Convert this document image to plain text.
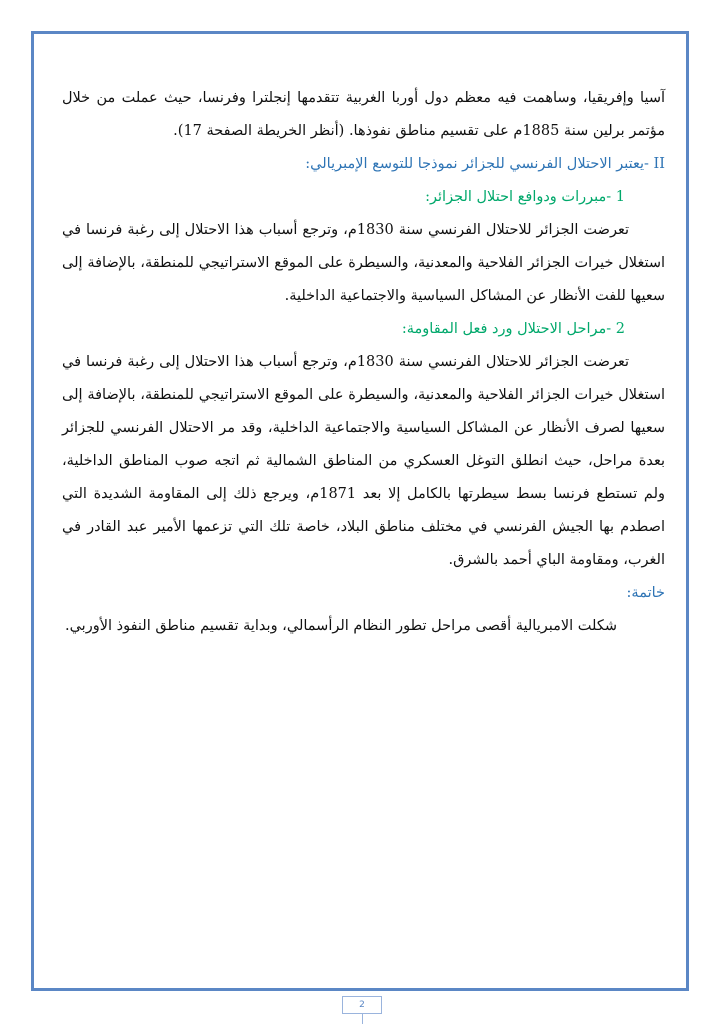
آسيا وإفريقيا، وساهمت فيه معظم دول أوربا الغربية تتقدمها إنجلترا وفرنسا، حيث عملت من خلال مؤتمر برلين سنة 1885م على تقسيم مناطق نفوذها. (أنظر الخريطة الصفحة 17).

II -يعتبر الاحتلال الفرنسي للجزائر نموذجا للتوسع الإمبريالي:

1 -مبررات ودوافع احتلال الجزائر:

تعرضت الجزائر للاحتلال الفرنسي سنة 1830م، وترجع أسباب هذا الاحتلال إلى رغبة فرنسا في استغلال خيرات الجزائر الفلاحية والمعدنية، والسيطرة على الموقع الاستراتيجي للمنطقة، بالإضافة إلى سعيها للفت الأنظار عن المشاكل السياسية والاجتماعية الداخلية.

2 -مراحل الاحتلال ورد فعل المقاومة:

تعرضت الجزائر للاحتلال الفرنسي سنة 1830م، وترجع أسباب هذا الاحتلال إلى رغبة فرنسا في استغلال خيرات الجزائر الفلاحية والمعدنية، والسيطرة على الموقع الاستراتيجي للمنطقة، بالإضافة إلى سعيها لصرف الأنظار عن المشاكل السياسية والاجتماعية الداخلية، وقد مر الاحتلال الفرنسي للجزائر بعدة مراحل، حيث انطلق التوغل العسكري من المناطق الشمالية ثم اتجه صوب المناطق الداخلية، ولم تستطع فرنسا بسط سيطرتها بالكامل إلا بعد 1871م، ويرجع ذلك إلى المقاومة الشديدة التي اصطدم بها الجيش الفرنسي في مختلف مناطق البلاد، خاصة تلك التي تزعمها الأمير عبد القادر في الغرب، ومقاومة الباي أحمد بالشرق.

خاتمة:

شكلت الامبريالية أقصى مراحل تطور النظام الرأسمالي، وبداية تقسيم مناطق النفوذ الأوربي.

2
